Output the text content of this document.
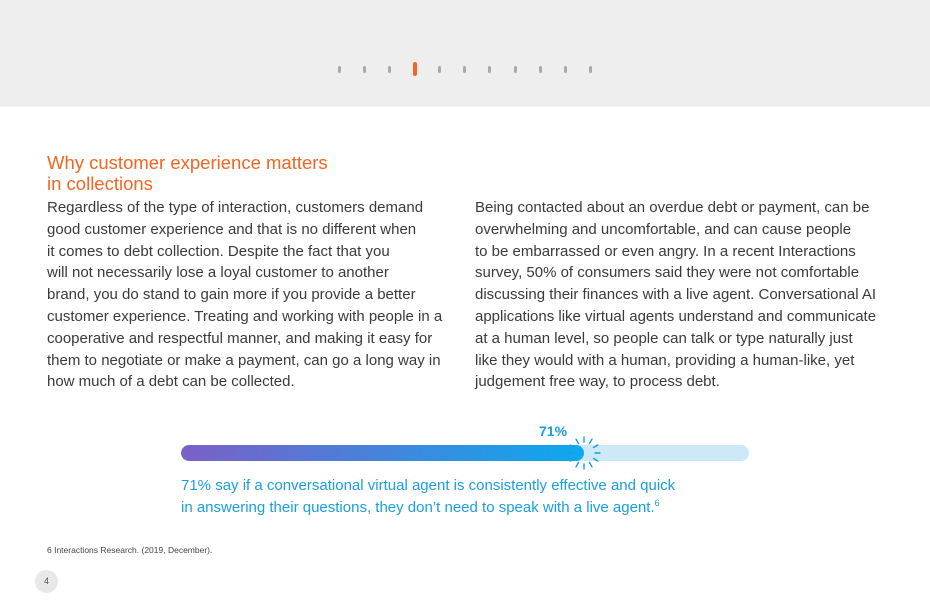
Why customer experience matters
in collections

Regardless of the type of interaction, customers demand
good customer experience and that is no different when
it comes to debt collection. Despite the fact that you
will not necessarily lose a loyal customer to another
brand, you do stand to gain more if you provide a better
customer experience. Treating and working with people in a
cooperative and respectful manner, and making it easy for
them to negotiate or make a payment, can go a long way in
how much of a debt can be collected.

Being contacted about an overdue debt or payment, can be
overwhelming and uncomfortable, and can cause people
to be embarrassed or even angry. In a recent Interactions
survey, 50% of consumers said they were not comfortable
discussing their finances with a live agent. Conversational AI
applications like virtual agents understand and communicate
at a human level, so people can talk or type naturally just
like they would with a human, providing a human-like, yet
judgement free way, to process debt.

71%

71% say if a conversational virtual agent is consistently effective and quick
in answering their questions, they don’t need to speak with a live agent.$^6$

6 Interactions Research. (2019, December).
4
